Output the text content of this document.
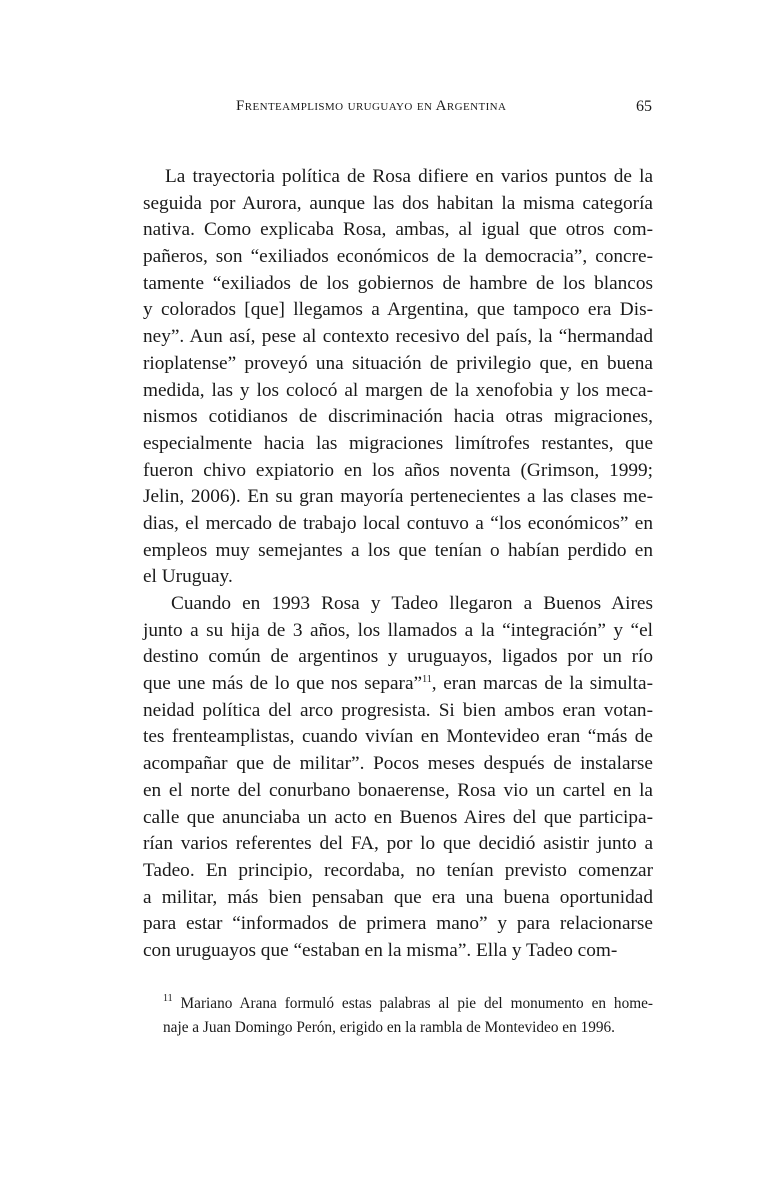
Frenteamplismo uruguayo en Argentina	65
La trayectoria política de Rosa difiere en varios puntos de la
seguida por Aurora, aunque las dos habitan la misma categoría
nativa. Como explicaba Rosa, ambas, al igual que otros com-
pañeros, son “exiliados económicos de la democracia”, concre-
tamente “exiliados de los gobiernos de hambre de los blancos
y colorados [que] llegamos a Argentina, que tampoco era Dis-
ney”. Aun así, pese al contexto recesivo del país, la “hermandad
rioplatense” proveyó una situación de privilegio que, en buena
medida, las y los colocó al margen de la xenofobia y los meca-
nismos cotidianos de discriminación hacia otras migraciones,
especialmente hacia las migraciones limítrofes restantes, que
fueron chivo expiatorio en los años noventa (Grimson, 1999;
Jelin, 2006). En su gran mayoría pertenecientes a las clases me-
dias, el mercado de trabajo local contuvo a “los económicos” en
empleos muy semejantes a los que tenían o habían perdido en
el Uruguay.
Cuando en 1993 Rosa y Tadeo llegaron a Buenos Aires
junto a su hija de 3 años, los llamados a la “integración” y “el
destino común de argentinos y uruguayos, ligados por un río
que une más de lo que nos separa”$^{11}$, eran marcas de la simulta-
neidad política del arco progresista. Si bien ambos eran votan-
tes frenteamplistas, cuando vivían en Montevideo eran “más de
acompañar que de militar”. Pocos meses después de instalarse
en el norte del conurbano bonaerense, Rosa vio un cartel en la
calle que anunciaba un acto en Buenos Aires del que participa-
rían varios referentes del FA, por lo que decidió asistir junto a
Tadeo. En principio, recordaba, no tenían previsto comenzar
a militar, más bien pensaban que era una buena oportunidad
para estar “informados de primera mano” y para relacionarse
con uruguayos que “estaban en la misma”. Ella y Tadeo com-
$^{11}$ Mariano Arana formuló estas palabras al pie del monumento en home-
naje a Juan Domingo Perón, erigido en la rambla de Montevideo en 1996.
